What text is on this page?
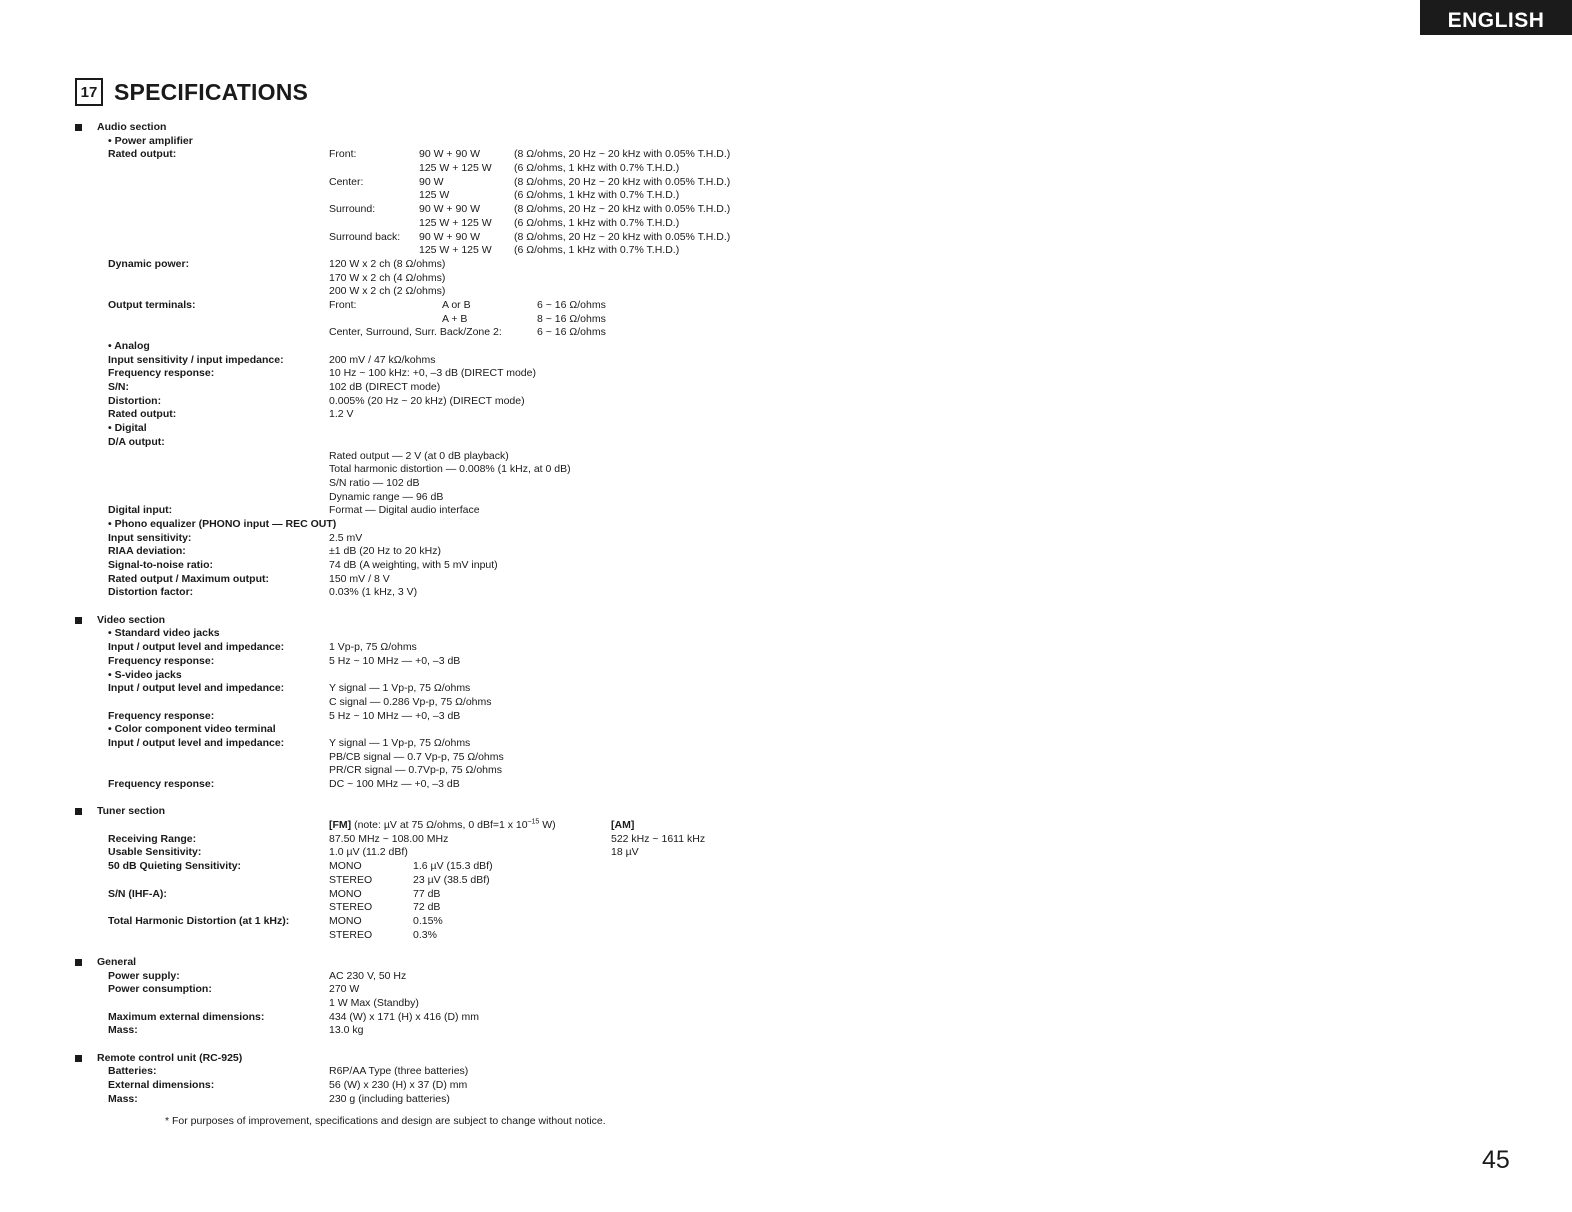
ENGLISH
17 SPECIFICATIONS
Audio section
• Power amplifier
Rated output:	Front:	90 W + 90 W	(8 Ω/ohms, 20 Hz ~ 20 kHz with 0.05% T.H.D.)
125 W + 125 W (6 Ω/ohms, 1 kHz with 0.7% T.H.D.)
Center:	90 W	(8 Ω/ohms, 20 Hz ~ 20 kHz with 0.05% T.H.D.)
125 W	(6 Ω/ohms, 1 kHz with 0.7% T.H.D.)
Surround:	90 W + 90 W	(8 Ω/ohms, 20 Hz ~ 20 kHz with 0.05% T.H.D.)
125 W + 125 W (6 Ω/ohms, 1 kHz with 0.7% T.H.D.)
Surround back: 90 W + 90 W	(8 Ω/ohms, 20 Hz ~ 20 kHz with 0.05% T.H.D.)
125 W + 125 W (6 Ω/ohms, 1 kHz with 0.7% T.H.D.)
Dynamic power:	120 W x 2 ch (8 Ω/ohms)
170 W x 2 ch (4 Ω/ohms)
200 W x 2 ch (2 Ω/ohms)
Output terminals:	Front:	A or B	6 ~ 16 Ω/ohms
A + B	8 ~ 16 Ω/ohms
Center, Surround, Surr. Back/Zone 2:	6 ~ 16 Ω/ohms
• Analog
Input sensitivity / input impedance:	200 mV / 47 kΩ/kohms
Frequency response:	10 Hz ~ 100 kHz: +0, –3 dB (DIRECT mode)
S/N:	102 dB (DIRECT mode)
Distortion:	0.005% (20 Hz ~ 20 kHz) (DIRECT mode)
Rated output:	1.2 V
• Digital
D/A output:
Rated output — 2 V (at 0 dB playback)
Total harmonic distortion — 0.008% (1 kHz, at 0 dB)
S/N ratio — 102 dB
Dynamic range — 96 dB
Digital input:	Format — Digital audio interface
• Phono equalizer (PHONO input — REC OUT)
Input sensitivity:	2.5 mV
RIAA deviation:	±1 dB (20 Hz to 20 kHz)
Signal-to-noise ratio:	74 dB (A weighting, with 5 mV input)
Rated output / Maximum output:	150 mV / 8 V
Distortion factor:	0.03% (1 kHz, 3 V)
Video section
• Standard video jacks
Input / output level and impedance:	1 Vp-p, 75 Ω/ohms
Frequency response:	5 Hz ~ 10 MHz — +0, –3 dB
• S-video jacks
Input / output level and impedance:	Y signal — 1 Vp-p, 75 Ω/ohms
C signal — 0.286 Vp-p, 75 Ω/ohms
Frequency response:	5 Hz ~ 10 MHz — +0, –3 dB
• Color component video terminal
Input / output level and impedance:	Y signal — 1 Vp-p, 75 Ω/ohms
PB/CB signal — 0.7 Vp-p, 75 Ω/ohms
PR/CR signal — 0.7Vp-p, 75 Ω/ohms
Frequency response:	DC ~ 100 MHz — +0, –3 dB
Tuner section
[FM] (note: µV at 75 Ω/ohms, 0 dBf=1 x $10^{-15}$ W)	[AM]
Receiving Range:	87.50 MHz ~ 108.00 MHz	522 kHz ~ 1611 kHz
Usable Sensitivity:	1.0 µV (11.2 dBf)	18 µV
50 dB Quieting Sensitivity:	MONO	1.6 µV (15.3 dBf)
STEREO	23 µV (38.5 dBf)
S/N (IHF-A):	MONO	77 dB
STEREO	72 dB
Total Harmonic Distortion (at 1 kHz):	MONO	0.15%
STEREO	0.3%
General
Power supply:	AC 230 V, 50 Hz
Power consumption:	270 W
1 W Max (Standby)
Maximum external dimensions:	434 (W) x 171 (H) x 416 (D) mm
Mass:	13.0 kg
Remote control unit (RC-925)
Batteries:	R6P/AA Type (three batteries)
External dimensions:	56 (W) x 230 (H) x 37 (D) mm
Mass:	230 g (including batteries)
* For purposes of improvement, specifications and design are subject to change without notice.
45
